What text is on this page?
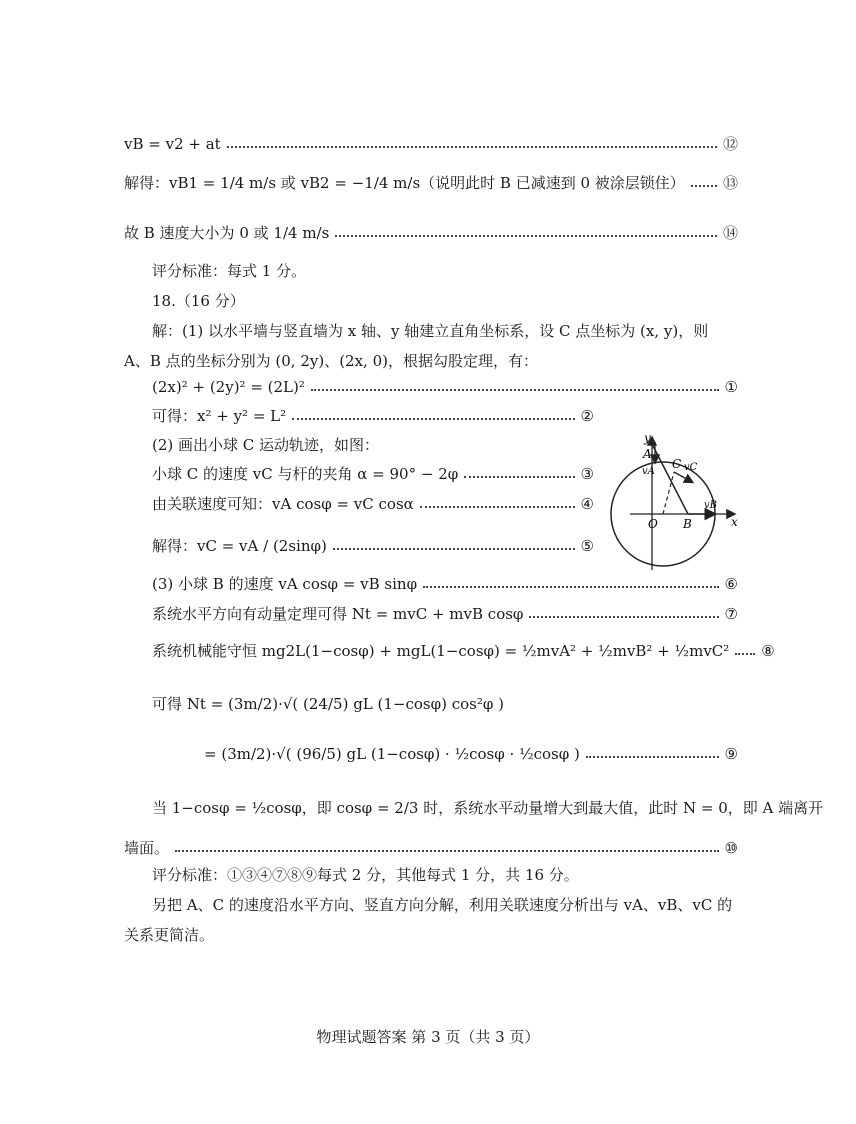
vB = v2 + at	⑫
解得：vB1 = 1/4 m/s 或 vB2 = −1/4 m/s（说明此时 B 已减速到 0 被涂层锁住）	⑬
故 B 速度大小为 0 或 1/4 m/s	⑭
评分标准：每式 1 分。
18.（16 分）
解：(1) 以水平墙与竖直墙为 x 轴、y 轴建立直角坐标系，设 C 点坐标为 (x, y)，则 A、B 点的坐标分别为 (0, 2y)、(2x, 0)，根据勾股定理，有：
(2x)² + (2y)² = (2L)²	①
可得：x² + y² = L²	②
(2) 画出小球 C 运动轨迹，如图：
小球 C 的速度 vC 与杆的夹角 α = 90° − 2φ	③
由关联速度可知：vA cosφ = vC cosα	④
解得：vC = vA / (2sinφ)	⑤
(3) 小球 B 的速度 vA cosφ = vB sinφ	⑥
系统水平方向有动量定理可得 Nt = mvC + mvB cosφ	⑦
系统机械能守恒 mg2L(1−cosφ) + mgL(1−cosφ) = ½mvA² + ½mvB² + ½mvC² ⑧
可得 Nt = (3m/2)·√( (24/5) gL (1−cosφ) cos²φ )
= (3m/2)·√( (96/5) gL (1−cosφ) · ½cosφ · ½cosφ )	⑨
当 1−cosφ = ½cosφ，即 cosφ = 2/3 时，系统水平动量增大到最大值，此时 N = 0，即 A 端离开
墙面。	⑩
评分标准：①③④⑦⑧⑨每式 2 分，其他每式 1 分，共 16 分。
另把 A、C 的速度沿水平方向、竖直方向分解，利用关联速度分析出与 vA、vB、vC 的关系更简洁。
y
x
A
vA
C vC
O B
vB
物理试题答案 第 3 页（共 3 页）
